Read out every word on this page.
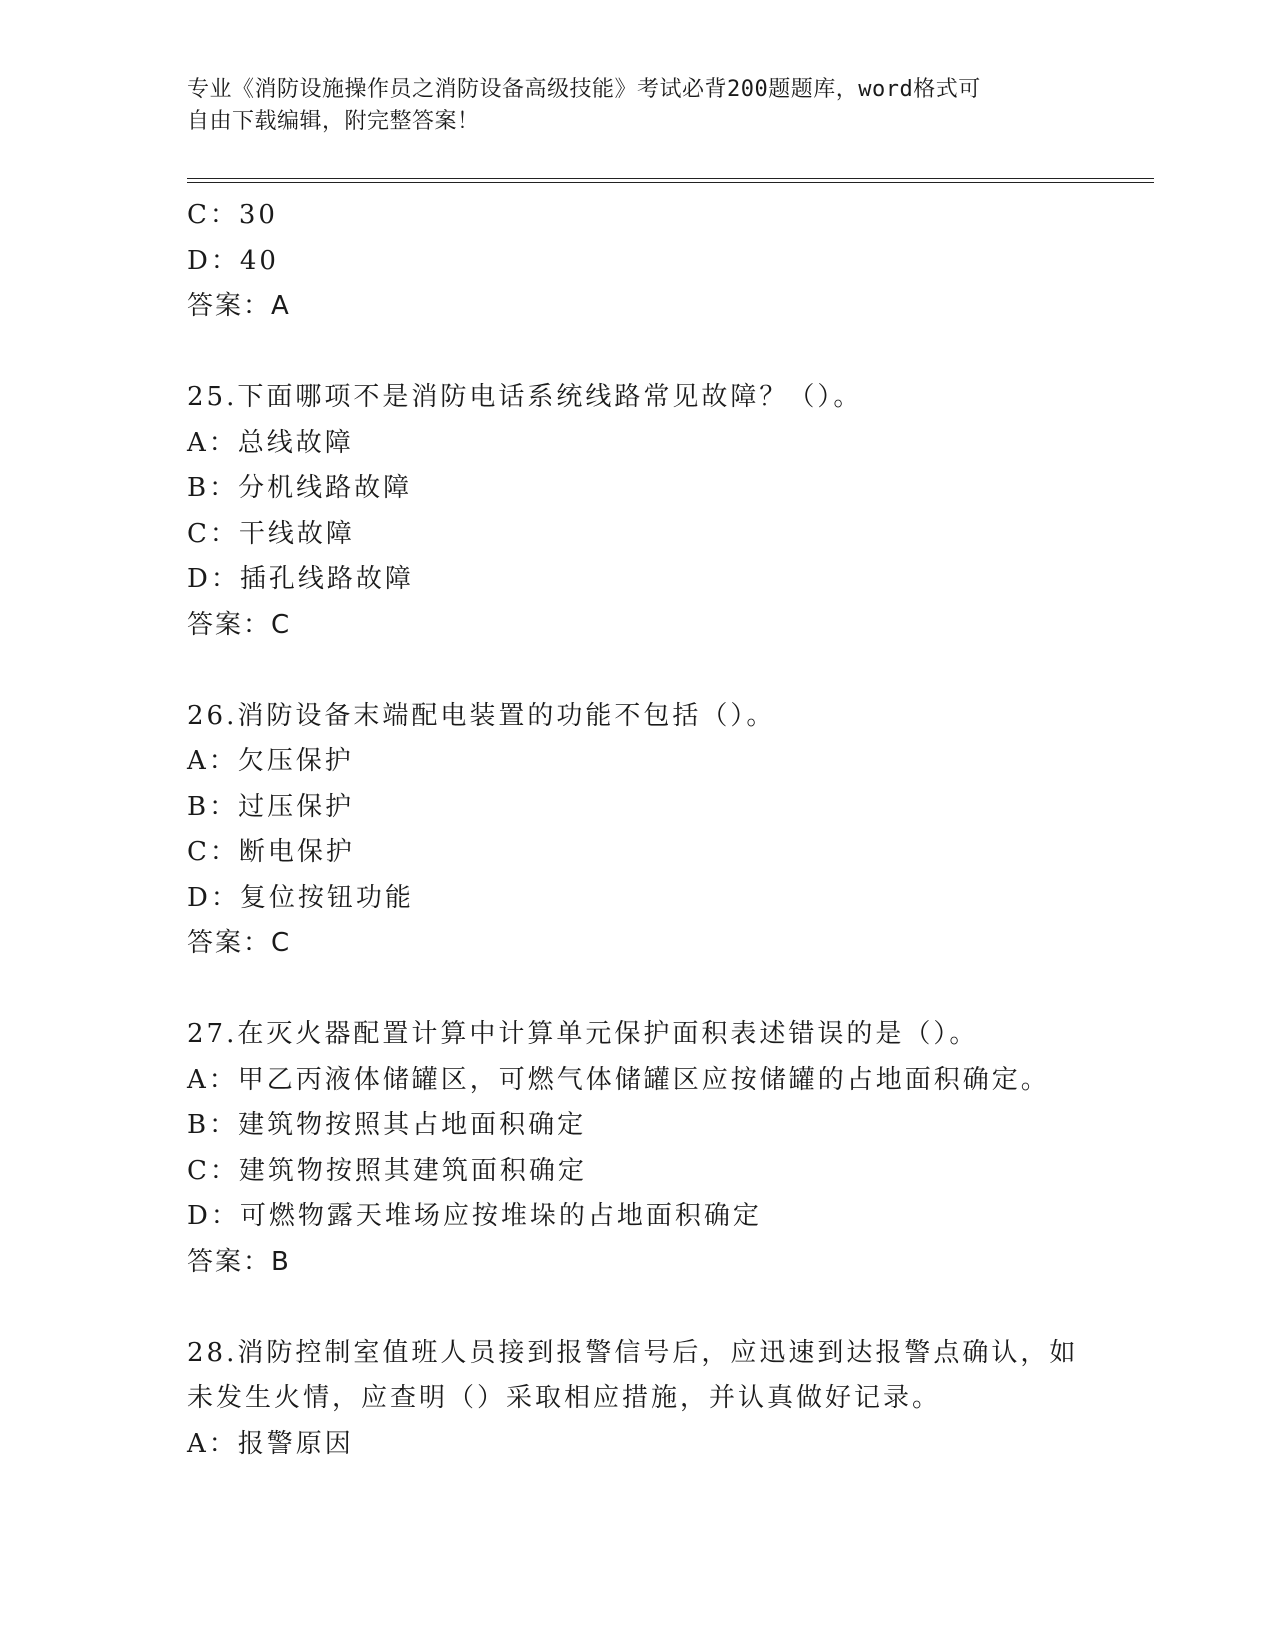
专业《消防设施操作员之消防设备高级技能》考试必背200题题库，word格式可
自由下载编辑，附完整答案！
C：30
D：40
答案：A
25.下面哪项不是消防电话系统线路常见故障？（）。
A：总线故障
B：分机线路故障
C：干线故障
D：插孔线路故障
答案：C
26.消防设备末端配电装置的功能不包括（）。
A：欠压保护
B：过压保护
C：断电保护
D：复位按钮功能
答案：C
27.在灭火器配置计算中计算单元保护面积表述错误的是（）。
A：甲乙丙液体储罐区，可燃气体储罐区应按储罐的占地面积确定。
B：建筑物按照其占地面积确定
C：建筑物按照其建筑面积确定
D：可燃物露天堆场应按堆垛的占地面积确定
答案：B
28.消防控制室值班人员接到报警信号后，应迅速到达报警点确认，如
未发生火情，应查明（）采取相应措施，并认真做好记录。
A：报警原因
